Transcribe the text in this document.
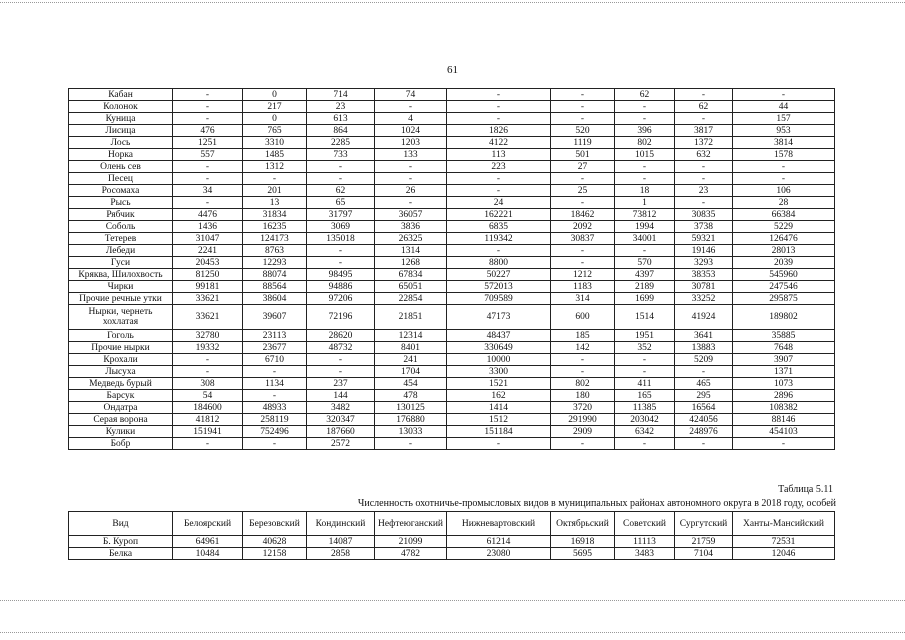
61
Кабан	-	0	714	74	-	-	62	-	-
Колонок	-	217	23	-	-	-	-	62	44
Куница	-	0	613	4	-	-	-	-	157
Лисица	476	765	864	1024	1826	520	396	3817	953
Лось	1251	3310	2285	1203	4122	1119	802	1372	3814
Норка	557	1485	733	133	113	501	1015	632	1578
Олень сев	-	1312	-	-	223	27	-	-	-
Песец	-	-	-	-	-	-	-	-	-
Росомаха	34	201	62	26	-	25	18	23	106
Рысь	-	13	65	-	24	-	1	-	28
Рябчик	4476	31834	31797	36057	162221	18462	73812	30835	66384
Соболь	1436	16235	3069	3836	6835	2092	1994	3738	5229
Тетерев	31047	124173	135018	26325	119342	30837	34001	59321	126476
Лебеди	2241	8763	-	1314	-	-	-	19146	28013
Гуси	20453	12293	-	1268	8800	-	570	3293	2039
Кряква, Шилохвость	81250	88074	98495	67834	50227	1212	4397	38353	545960
Чирки	99181	88564	94886	65051	572013	1183	2189	30781	247546
Прочие речные утки	33621	38604	97206	22854	709589	314	1699	33252	295875
Нырки, чернеть хохлатая	33621	39607	72196	21851	47173	600	1514	41924	189802
Гоголь	32780	23113	28620	12314	48437	185	1951	3641	35885
Прочие нырки	19332	23677	48732	8401	330649	142	352	13883	7648
Крохали	-	6710	-	241	10000	-	-	5209	3907
Лысуха	-	-	-	1704	3300	-	-	-	1371
Медведь бурый	308	1134	237	454	1521	802	411	465	1073
Барсук	54	-	144	478	162	180	165	295	2896
Ондатра	184600	48933	3482	130125	1414	3720	11385	16564	108382
Серая ворона	41812	258119	320347	176880	1512	291990	203042	424056	88146
Кулики	151941	752496	187660	13033	151184	2909	6342	248976	454103
Бобр	-	-	2572	-	-	-	-	-	-
Таблица 5.11
Численность охотничье-промысловых видов в муниципальных районах автономного округа в 2018 году, особей
Вид	Белоярский	Березовский	Кондинский	Нефтеюганский	Нижневартовский	Октябрьский	Советский	Сургутский	Ханты-Мансийский
Б. Куроп	64961	40628	14087	21099	61214	16918	11113	21759	72531
Белка	10484	12158	2858	4782	23080	5695	3483	7104	12046
